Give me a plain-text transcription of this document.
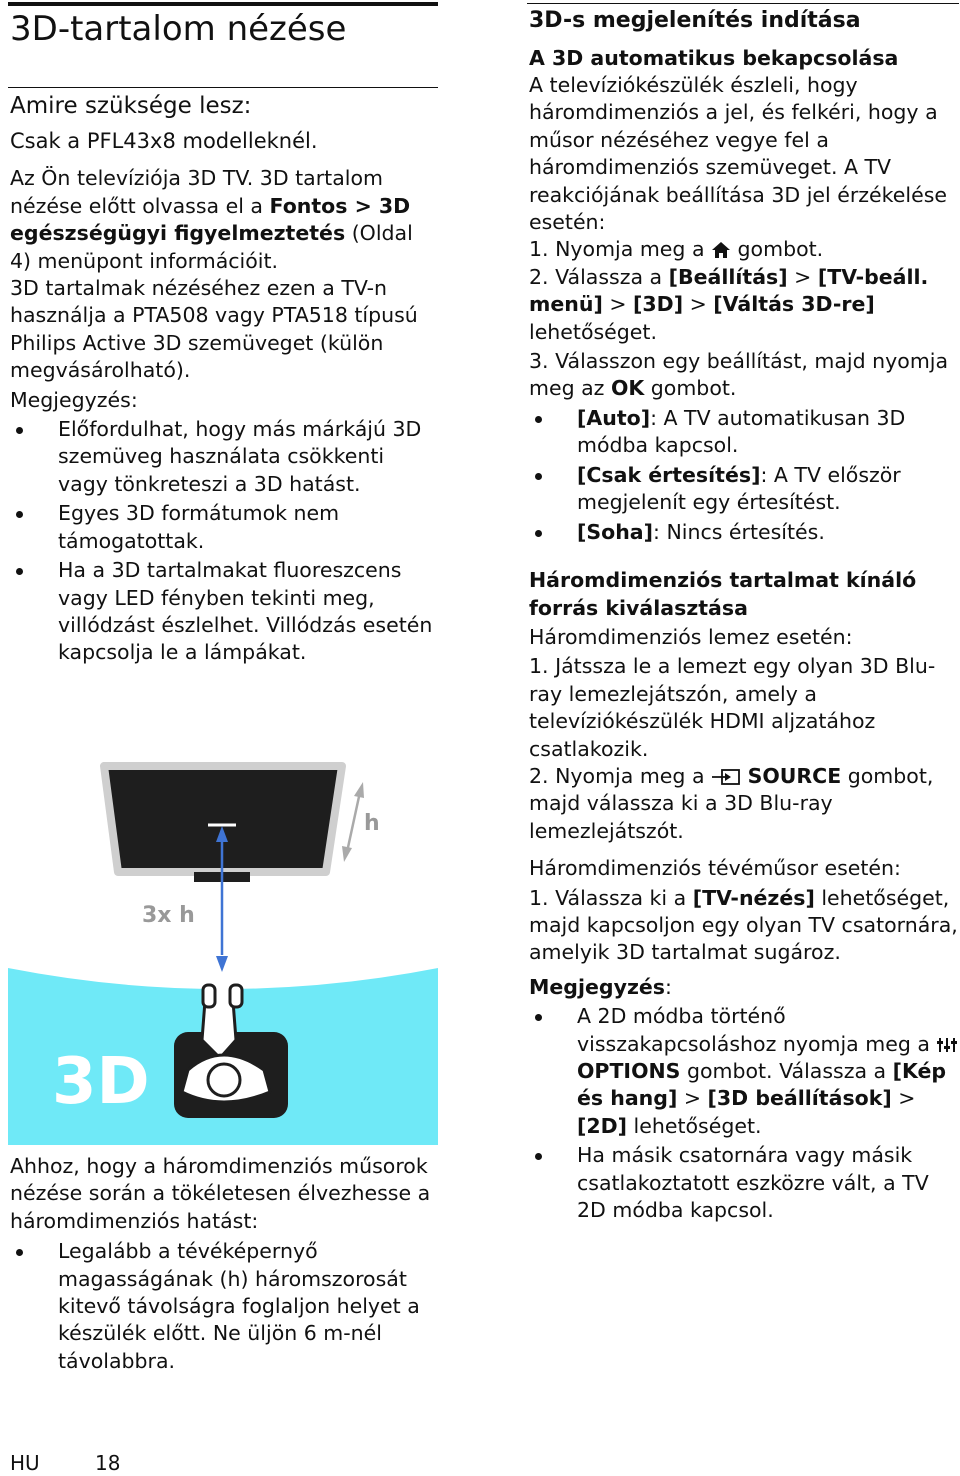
3D-tartalom nézése
Amire szüksége lesz:
Csak a PFL43x8 modelleknél.

Az Ön televíziója 3D TV. 3D tartalom nézése előtt olvassa el a Fontos > 3D egészségügyi figyelmeztetés (Oldal 4) menüpont információit.

3D tartalmak nézéséhez ezen a TV-n használja a PTA508 vagy PTA518 típusú Philips Active 3D szemüveget (külön megvásárolható).

Megjegyzés:
Előfordulhat, hogy más márkájú 3D szemüveg használata csökkenti vagy tönkreteszi a 3D hatást.
Egyes 3D formátumok nem támogatottak.
Ha a 3D tartalmakat fluoreszcens vagy LED fényben tekinti meg, villódzást észlelhet. Villódzás esetén kapcsolja le a lámpákat.
h
3x h
3D

Ahhoz, hogy a háromdimenziós műsorok nézése során a tökéletesen élvezhesse a háromdimenziós hatást:

Legalább a tévéképernyő magasságának (h) háromszorosát kitevő távolságra foglaljon helyet a készülék előtt. Ne üljön 6 m-nél távolabbra.
3D-s megjelenítés indítása
A 3D automatikus bekapcsolása

A televíziókészülék észleli, hogy háromdimenziós a jel, és felkéri, hogy a műsor nézéséhez vegye fel a háromdimenziós szemüveget. A TV reakciójának beállítása 3D jel érzékelése esetén:

1. Nyomja meg a  gombot.

2. Válassza a [Beállítás] > [TV-beáll. menü] > [3D] > [Váltás 3D-re] lehetőséget.

3. Válasszon egy beállítást, majd nyomja meg az OK gombot.

[Auto]: A TV automatikusan 3D módba kapcsol.
[Csak értesítés]: A TV először megjelenít egy értesítést.
[Soha]: Nincs értesítés.
Háromdimenziós tartalmat kínáló forrás kiválasztása

Háromdimenziós lemez esetén:

1. Játssza le a lemezt egy olyan 3D Blu-ray lemezlejátszón, amely a televíziókészülék HDMI aljzatához csatlakozik.

2. Nyomja meg a  SOURCE gombot, majd válassza ki a 3D Blu-ray lemezlejátszót.

Háromdimenziós tévéműsor esetén:

1. Válassza ki a [TV-nézés] lehetőséget, majd kapcsoljon egy olyan TV csatornára, amelyik 3D tartalmat sugároz.

Megjegyzés:
A 2D módba történő visszakapcsoláshoz nyomja meg a  OPTIONS gombot. Válassza a [Kép és hang] > [3D beállítások] > [2D] lehetőséget.
Ha másik csatornára vagy másik csatlakoztatott eszközre vált, a TV 2D módba kapcsol.
HU	18
